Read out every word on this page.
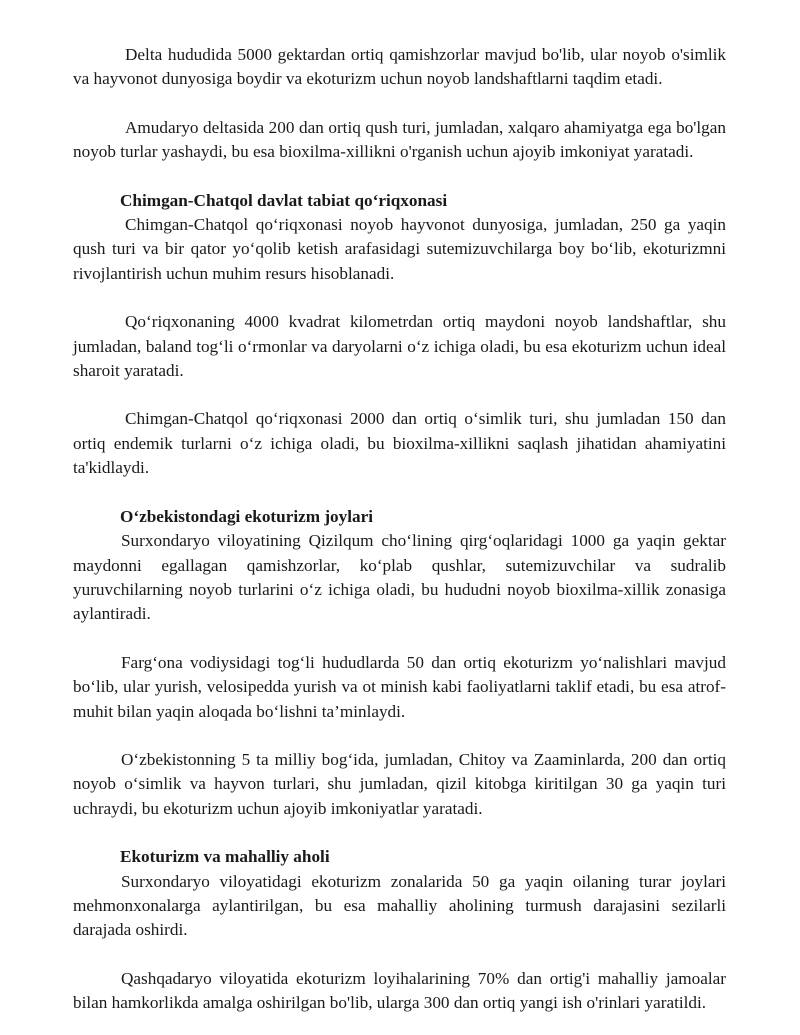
Delta hududida 5000 gektardan ortiq qamishzorlar mavjud bo'lib, ular noyob o'simlik va hayvonot dunyosiga boydir va ekoturizm uchun noyob landshaftlarni taqdim etadi.

Amudaryo deltasida 200 dan ortiq qush turi, jumladan, xalqaro ahamiyatga ega bo'lgan noyob turlar yashaydi, bu esa bioxilma-xillikni o'rganish uchun ajoyib imkoniyat yaratadi.

Chimgan-Chatqol davlat tabiat qo‘riqxonasi

Chimgan-Chatqol qo‘riqxonasi noyob hayvonot dunyosiga, jumladan, 250 ga yaqin qush turi va bir qator yo‘qolib ketish arafasidagi sutemizuvchilarga boy bo‘lib, ekoturizmni rivojlantirish uchun muhim resurs hisoblanadi.

Qo‘riqxonaning 4000 kvadrat kilometrdan ortiq maydoni noyob landshaftlar, shu jumladan, baland tog‘li o‘rmonlar va daryolarni o‘z ichiga oladi, bu esa ekoturizm uchun ideal sharoit yaratadi.

Chimgan-Chatqol qo‘riqxonasi 2000 dan ortiq o‘simlik turi, shu jumladan 150 dan ortiq endemik turlarni o‘z ichiga oladi, bu bioxilma-xillikni saqlash jihatidan ahamiyatini ta'kidlaydi.

O‘zbekistondagi ekoturizm joylari

Surxondaryo viloyatining Qizilqum cho‘lining qirg‘oqlaridagi 1000 ga yaqin gektar maydonni egallagan qamishzorlar, ko‘plab qushlar, sutemizuvchilar va sudralib yuruvchilarning noyob turlarini o‘z ichiga oladi, bu hududni noyob bioxilma-xillik zonasiga aylantiradi.

Farg‘ona vodiysidagi tog‘li hududlarda 50 dan ortiq ekoturizm yo‘nalishlari mavjud bo‘lib, ular yurish, velosipedda yurish va ot minish kabi faoliyatlarni taklif etadi, bu esa atrof-muhit bilan yaqin aloqada bo‘lishni ta’minlaydi.

O‘zbekistonning 5 ta milliy bog‘ida, jumladan, Chitoy va Zaaminlarda, 200 dan ortiq noyob o‘simlik va hayvon turlari, shu jumladan, qizil kitobga kiritilgan 30 ga yaqin turi uchraydi, bu ekoturizm uchun ajoyib imkoniyatlar yaratadi.

Ekoturizm va mahalliy aholi

Surxondaryo viloyatidagi ekoturizm zonalarida 50 ga yaqin oilaning turar joylari mehmonxonalarga aylantirilgan, bu esa mahalliy aholining turmush darajasini sezilarli darajada oshirdi.

Qashqadaryo viloyatida ekoturizm loyihalarining 70% dan ortig'i mahalliy jamoalar bilan hamkorlikda amalga oshirilgan bo'lib, ularga 300 dan ortiq yangi ish o'rinlari yaratildi.
